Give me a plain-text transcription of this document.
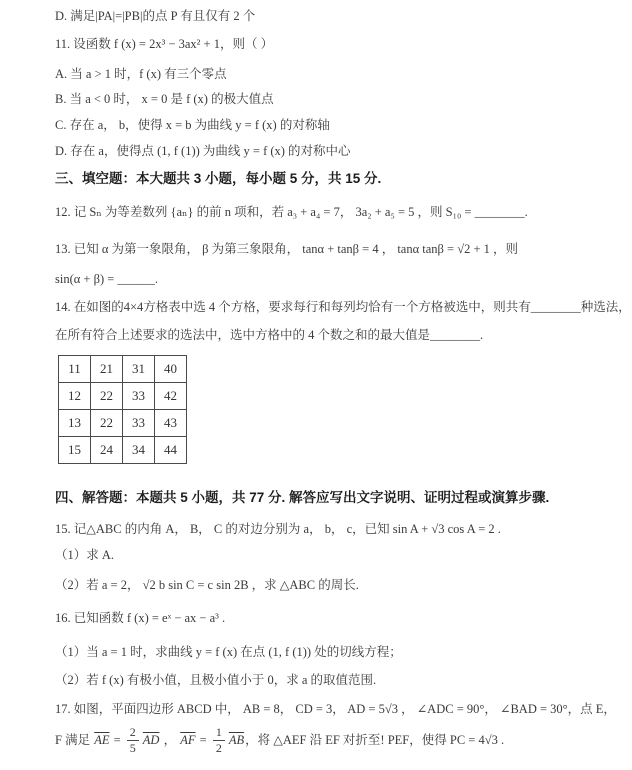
D. 满足|PA|=|PB|的点 P 有且仅有 2 个
11. 设函数 f (x) = 2x³ − 3ax² + 1，则（ ）
A. 当 a > 1 时，f (x) 有三个零点
B. 当 a < 0 时， x = 0 是 f (x) 的极大值点
C. 存在 a， b，使得 x = b 为曲线 y = f (x) 的对称轴
D. 存在 a，使得点 (1, f (1)) 为曲线 y = f (x) 的对称中心
三、填空题：本大题共 3 小题，每小题 5 分，共 15 分.
12. 记 Sₙ 为等差数列 {aₙ} 的前 n 项和，若 a₃ + a₄ = 7， 3a₂ + a₅ = 5 ，则 S₁₀ = ________.
13. 已知 α 为第一象限角， β 为第三象限角， tanα + tanβ = 4 ， tanα tanβ = √2 + 1 ，则
sin(α + β) = ______.
14. 在如图的4×4方格表中选 4 个方格，要求每行和每列均恰有一个方格被选中，则共有________种选法，
在所有符合上述要求的选法中，选中方格中的 4 个数之和的最大值是________.
11	21	31	40
12	22	33	42
13	22	33	43
15	24	34	44
四、解答题：本题共 5 小题，共 77 分. 解答应写出文字说明、证明过程或演算步骤.
15. 记△ABC 的内角 A， B， C 的对边分别为 a， b， c，已知 sin A + √3 cos A = 2 .
（1）求 A.
（2）若 a = 2， √2 b sin C = c sin 2B ，求 △ABC 的周长.
16. 已知函数 f (x) = eˣ − ax − a³ .
（1）当 a = 1 时，求曲线 y = f (x) 在点 (1, f (1)) 处的切线方程；
（2）若 f (x) 有极小值，且极小值小于 0，求 a 的取值范围.
17. 如图，平面四边形 ABCD 中， AB = 8， CD = 3， AD = 5√3 ， ∠ADC = 90°， ∠BAD = 30°，点 E，
F 满足 $\overline{AE} = \frac{2}{5} \overline{AD}$ ， $\overline{AF} = \frac{1}{2} \overline{AB}$ ，将 △AEF 沿 EF 对折至! PEF，使得 PC = 4√3 .
